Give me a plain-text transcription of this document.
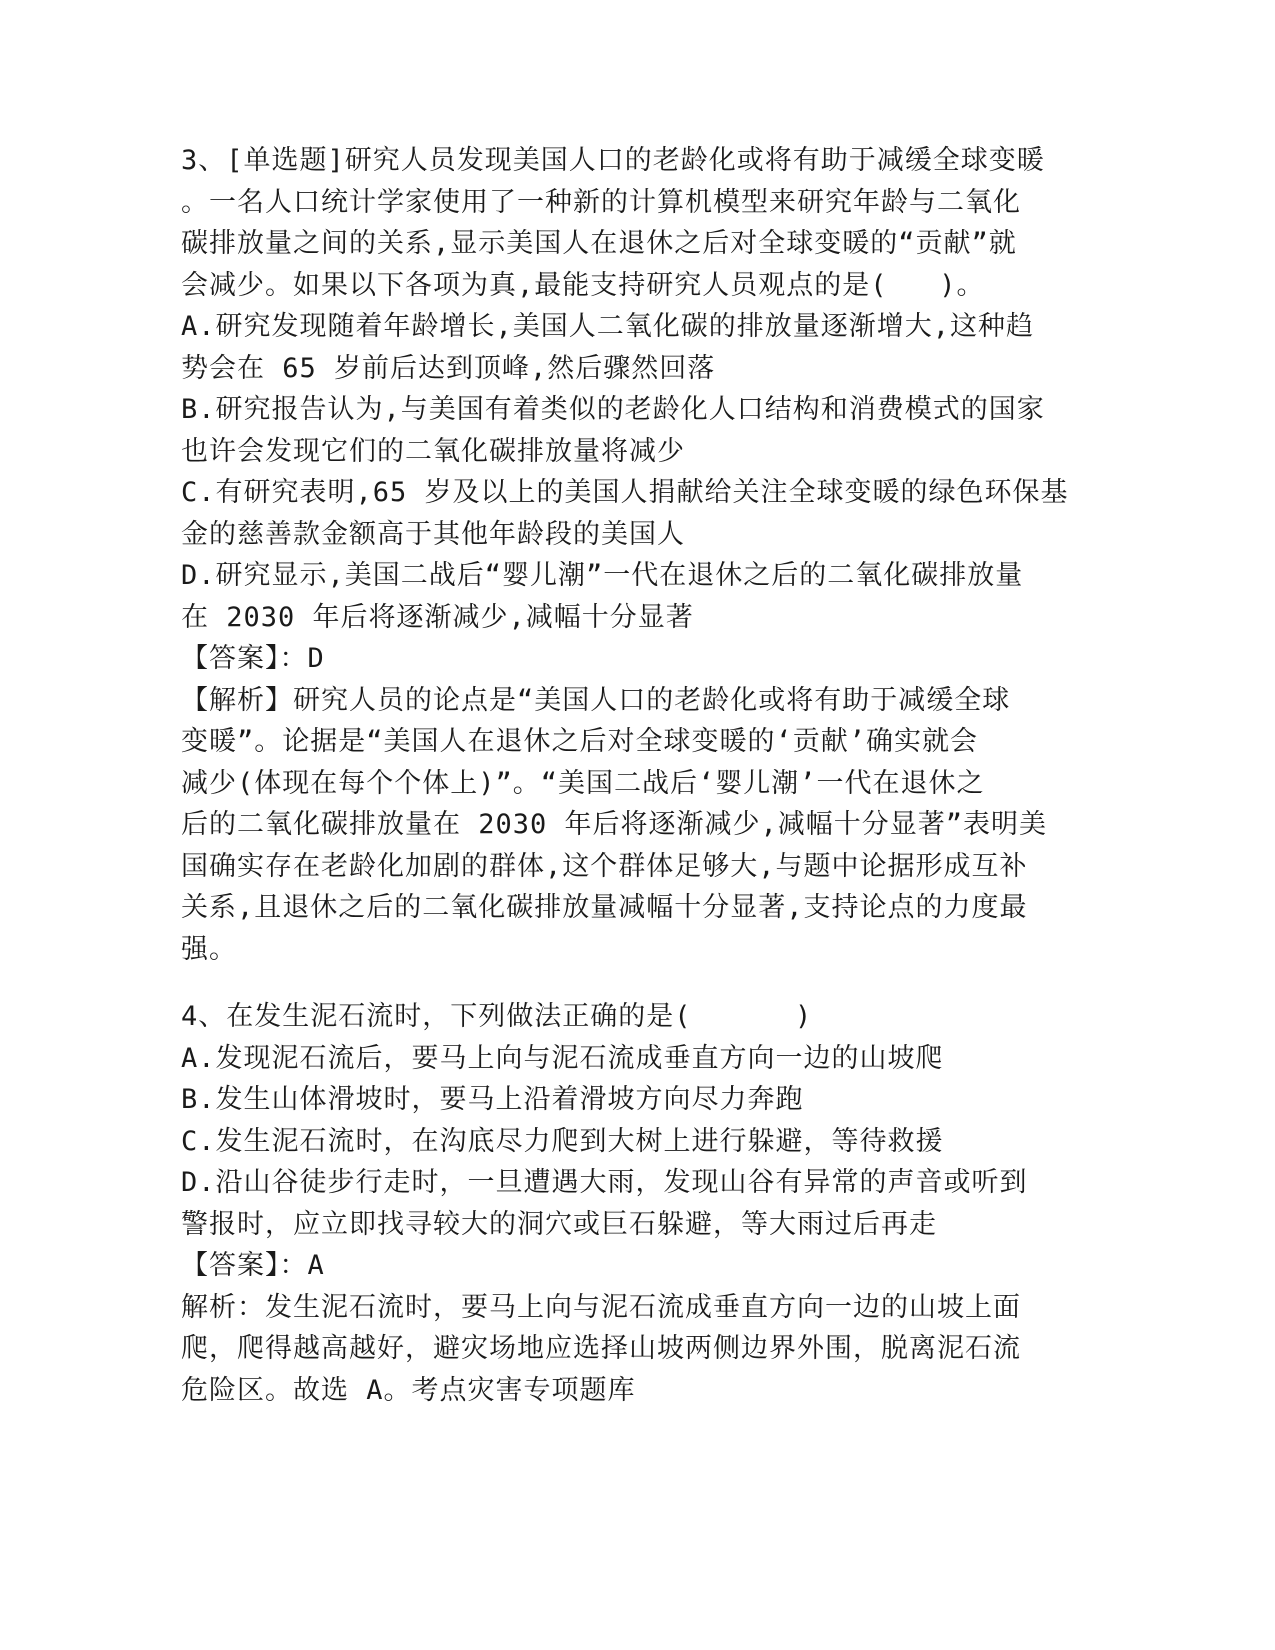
3、[单选题]研究人员发现美国人口的老龄化或将有助于减缓全球变暖
。一名人口统计学家使用了一种新的计算机模型来研究年龄与二氧化
碳排放量之间的关系,显示美国人在退休之后对全球变暖的“贡献”就
会减少。如果以下各项为真,最能支持研究人员观点的是(   )。
A.研究发现随着年龄增长,美国人二氧化碳的排放量逐渐增大,这种趋
势会在 65 岁前后达到顶峰,然后骤然回落
B.研究报告认为,与美国有着类似的老龄化人口结构和消费模式的国家
也许会发现它们的二氧化碳排放量将减少
C.有研究表明,65 岁及以上的美国人捐献给关注全球变暖的绿色环保基
金的慈善款金额高于其他年龄段的美国人
D.研究显示,美国二战后“婴儿潮”一代在退休之后的二氧化碳排放量
在 2030 年后将逐渐减少,减幅十分显著
【答案】：D
【解析】研究人员的论点是“美国人口的老龄化或将有助于减缓全球
变暖”。论据是“美国人在退休之后对全球变暖的‘贡献’确实就会
减少(体现在每个个体上)”。“美国二战后‘婴儿潮’一代在退休之
后的二氧化碳排放量在 2030 年后将逐渐减少,减幅十分显著”表明美
国确实存在老龄化加剧的群体,这个群体足够大,与题中论据形成互补
关系,且退休之后的二氧化碳排放量减幅十分显著,支持论点的力度最
强。
4、在发生泥石流时，下列做法正确的是(      )
A.发现泥石流后，要马上向与泥石流成垂直方向一边的山坡爬
B.发生山体滑坡时，要马上沿着滑坡方向尽力奔跑
C.发生泥石流时，在沟底尽力爬到大树上进行躲避，等待救援
D.沿山谷徒步行走时，一旦遭遇大雨，发现山谷有异常的声音或听到
警报时，应立即找寻较大的洞穴或巨石躲避，等大雨过后再走
【答案】：A
解析：发生泥石流时，要马上向与泥石流成垂直方向一边的山坡上面
爬，爬得越高越好，避灾场地应选择山坡两侧边界外围，脱离泥石流
危险区。故选 A。考点灾害专项题库
